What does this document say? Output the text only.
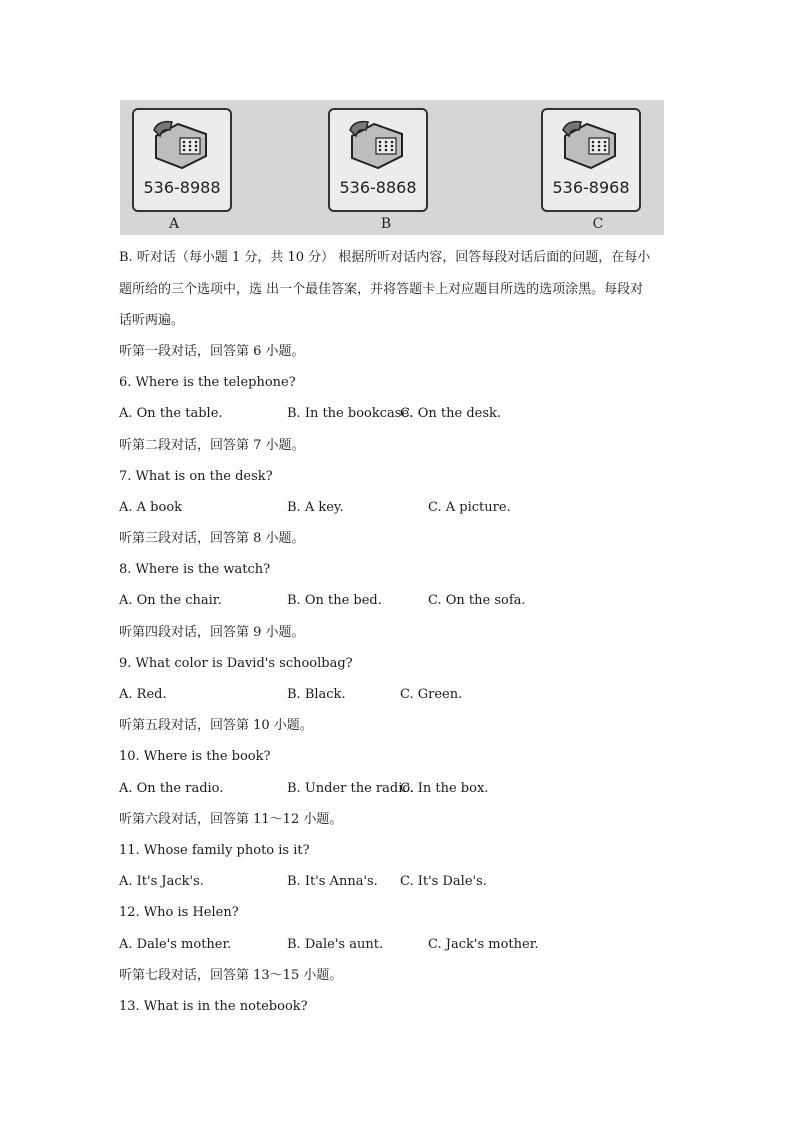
536-8988
A
536-8868
B
536-8968
C
B. 听对话（每小题 1 分，共 10 分） 根据所听对话内容，回答每段对话后面的问题，在每小
题所给的三个选项中，选 出一个最佳答案，并将答题卡上对应题目所选的选项涂黑。每段对
话听两遍。
听第一段对话，回答第 6 小题。
6. Where is the telephone?
A. On the table.	B. In the bookcase.
C. On the desk.
听第二段对话，回答第 7 小题。
7. What is on the desk?
A. A book	B. A key.	C. A picture.
听第三段对话，回答第 8 小题。
8. Where is the watch?
A. On the chair.	B. On the bed.	C. On the sofa.
听第四段对话，回答第 9 小题。
9. What color is David's schoolbag?
A. Red.	B. Black.	C. Green.
听第五段对话，回答第 10 小题。
10. Where is the book?
A. On the radio.	B. Under the radio.
C. In the box.
听第六段对话，回答第 11～12 小题。
11. Whose family photo is it?
A. It's Jack's.	B. It's Anna's. C. It's Dale's.
12. Who is Helen?
A. Dale's mother.	B. Dale's aunt.	C. Jack's mother.
听第七段对话，回答第 13～15 小题。
13. What is in the notebook?
